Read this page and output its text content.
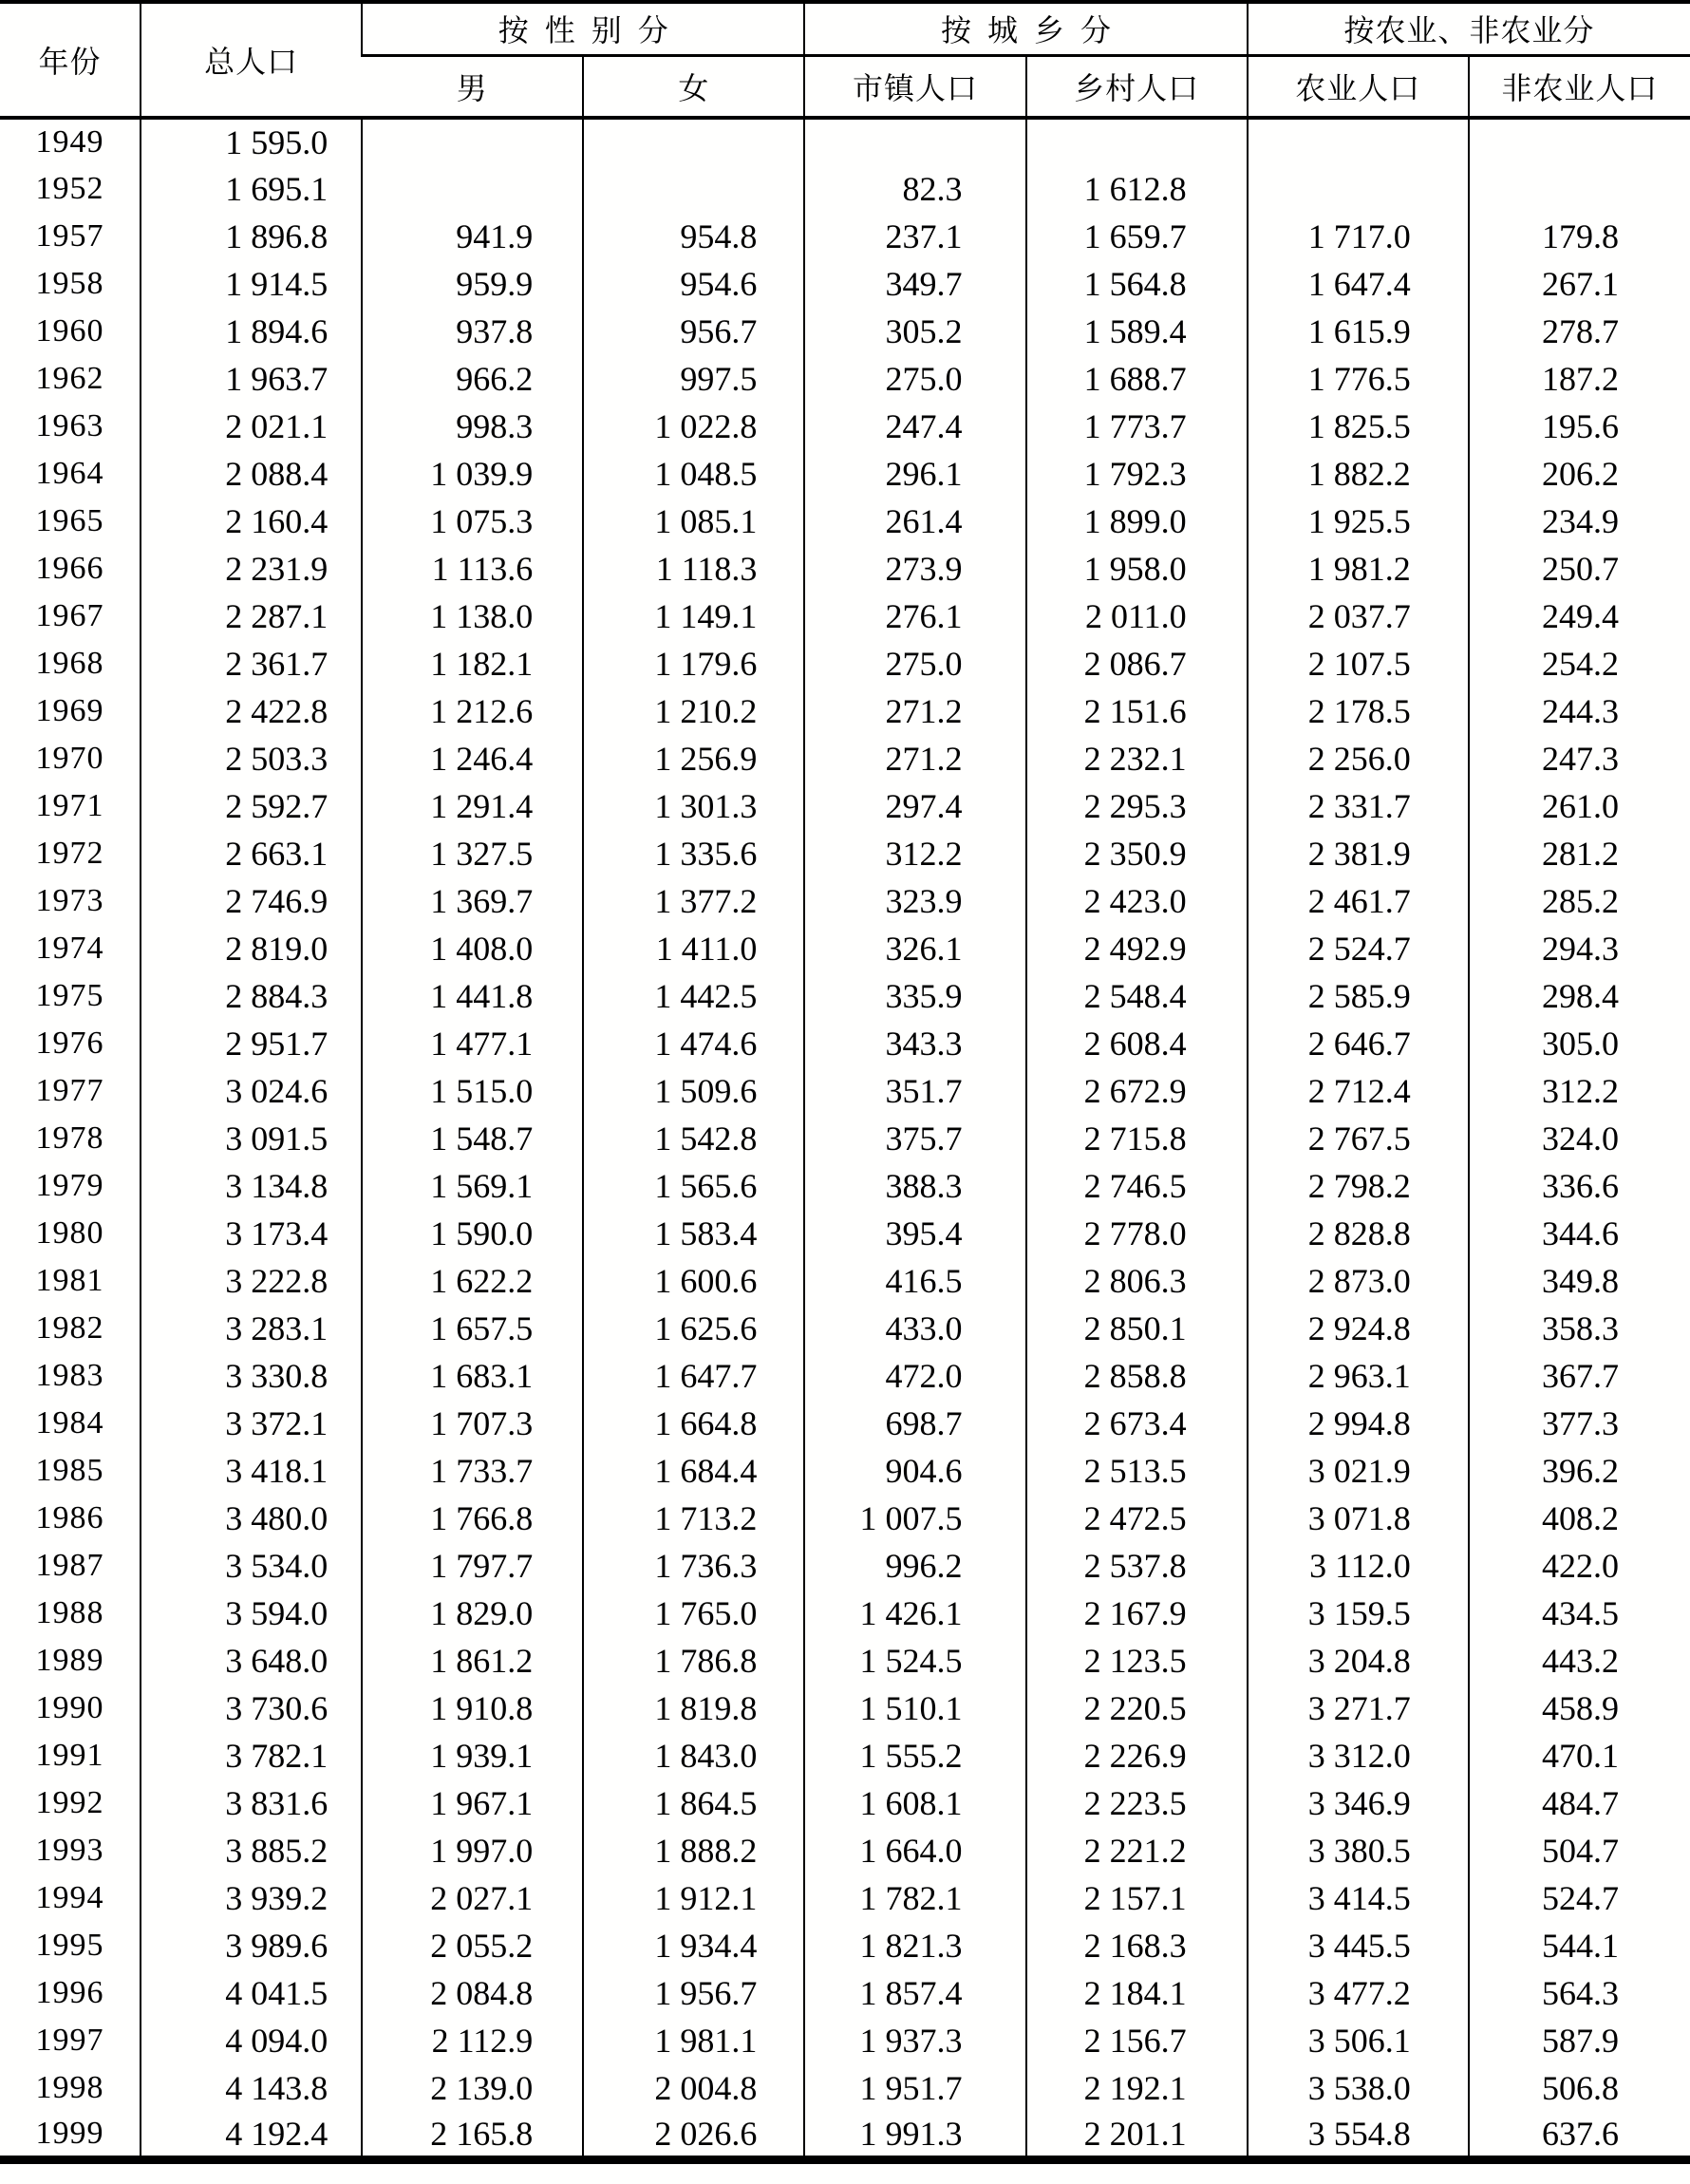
年份	总人口	按性别分		按城乡分		按农业、非农业分	
		男	女	市镇人口	乡村人口	农业人口	非农业人口
1949	1 595.0						
1952	1 695.1			82.3	1 612.8		
1957	1 896.8	941.9	954.8	237.1	1 659.7	1 717.0	179.8
1958	1 914.5	959.9	954.6	349.7	1 564.8	1 647.4	267.1
1960	1 894.6	937.8	956.7	305.2	1 589.4	1 615.9	278.7
1962	1 963.7	966.2	997.5	275.0	1 688.7	1 776.5	187.2
1963	2 021.1	998.3	1 022.8	247.4	1 773.7	1 825.5	195.6
1964	2 088.4	1 039.9	1 048.5	296.1	1 792.3	1 882.2	206.2
1965	2 160.4	1 075.3	1 085.1	261.4	1 899.0	1 925.5	234.9
1966	2 231.9	1 113.6	1 118.3	273.9	1 958.0	1 981.2	250.7
1967	2 287.1	1 138.0	1 149.1	276.1	2 011.0	2 037.7	249.4
1968	2 361.7	1 182.1	1 179.6	275.0	2 086.7	2 107.5	254.2
1969	2 422.8	1 212.6	1 210.2	271.2	2 151.6	2 178.5	244.3
1970	2 503.3	1 246.4	1 256.9	271.2	2 232.1	2 256.0	247.3
1971	2 592.7	1 291.4	1 301.3	297.4	2 295.3	2 331.7	261.0
1972	2 663.1	1 327.5	1 335.6	312.2	2 350.9	2 381.9	281.2
1973	2 746.9	1 369.7	1 377.2	323.9	2 423.0	2 461.7	285.2
1974	2 819.0	1 408.0	1 411.0	326.1	2 492.9	2 524.7	294.3
1975	2 884.3	1 441.8	1 442.5	335.9	2 548.4	2 585.9	298.4
1976	2 951.7	1 477.1	1 474.6	343.3	2 608.4	2 646.7	305.0
1977	3 024.6	1 515.0	1 509.6	351.7	2 672.9	2 712.4	312.2
1978	3 091.5	1 548.7	1 542.8	375.7	2 715.8	2 767.5	324.0
1979	3 134.8	1 569.1	1 565.6	388.3	2 746.5	2 798.2	336.6
1980	3 173.4	1 590.0	1 583.4	395.4	2 778.0	2 828.8	344.6
1981	3 222.8	1 622.2	1 600.6	416.5	2 806.3	2 873.0	349.8
1982	3 283.1	1 657.5	1 625.6	433.0	2 850.1	2 924.8	358.3
1983	3 330.8	1 683.1	1 647.7	472.0	2 858.8	2 963.1	367.7
1984	3 372.1	1 707.3	1 664.8	698.7	2 673.4	2 994.8	377.3
1985	3 418.1	1 733.7	1 684.4	904.6	2 513.5	3 021.9	396.2
1986	3 480.0	1 766.8	1 713.2	1 007.5	2 472.5	3 071.8	408.2
1987	3 534.0	1 797.7	1 736.3	996.2	2 537.8	3 112.0	422.0
1988	3 594.0	1 829.0	1 765.0	1 426.1	2 167.9	3 159.5	434.5
1989	3 648.0	1 861.2	1 786.8	1 524.5	2 123.5	3 204.8	443.2
1990	3 730.6	1 910.8	1 819.8	1 510.1	2 220.5	3 271.7	458.9
1991	3 782.1	1 939.1	1 843.0	1 555.2	2 226.9	3 312.0	470.1
1992	3 831.6	1 967.1	1 864.5	1 608.1	2 223.5	3 346.9	484.7
1993	3 885.2	1 997.0	1 888.2	1 664.0	2 221.2	3 380.5	504.7
1994	3 939.2	2 027.1	1 912.1	1 782.1	2 157.1	3 414.5	524.7
1995	3 989.6	2 055.2	1 934.4	1 821.3	2 168.3	3 445.5	544.1
1996	4 041.5	2 084.8	1 956.7	1 857.4	2 184.1	3 477.2	564.3
1997	4 094.0	2 112.9	1 981.1	1 937.3	2 156.7	3 506.1	587.9
1998	4 143.8	2 139.0	2 004.8	1 951.7	2 192.1	3 538.0	506.8
1999	4 192.4	2 165.8	2 026.6	1 991.3	2 201.1	3 554.8	637.6
